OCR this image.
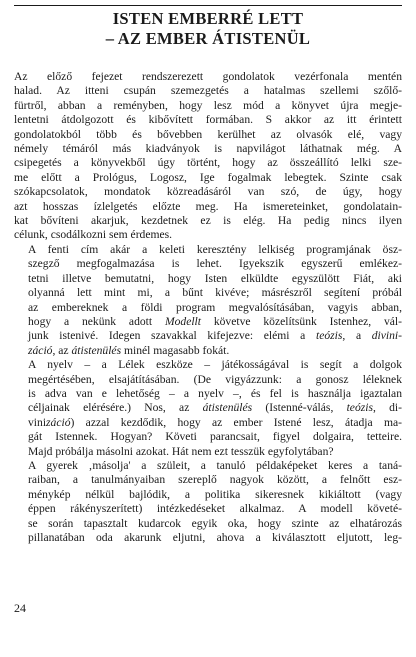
ISTEN EMBERRÉ LETT
– AZ EMBER ÁTISTENÜL

Az előző fejezet rendszerezett gondolatok vezérfonala mentén
halad. Az itteni csupán szemezgetés a hatalmas szellemi szőlő-
fürtről, abban a reményben, hogy lesz mód a könyvet újra megje-
lentetni átdolgozott és kibővített formában. S akkor az itt érintett
gondolatokból több és bővebben kerülhet az olvasók elé, vagy
némely témáról más kiadványok is napvilágot láthatnak még. A
csipegetés a könyvekből úgy történt, hogy az összeállító lelki sze-
me előtt a Prológus, Logosz, Ige fogalmak lebegtek. Szinte csak
szókapcsolatok, mondatok közreadásáról van szó, de úgy, hogy
azt hosszas ízlelgetés előzte meg. Ha ismereteinket, gondolatain-
kat bővíteni akarjuk, kezdetnek ez is elég. Ha pedig nincs ilyen
célunk, csodálkozni sem érdemes.

A fenti cím akár a keleti keresztény lelkiség programjának ösz-
szegző megfogalmazása is lehet. Igyekszik egyszerű emlékez-
tetni illetve bemutatni, hogy Isten elküldte egyszülött Fiát, aki
olyanná lett mint mi, a bűnt kivéve; másrészről segítení próbál
az embereknek a földi program megvalósításában, vagyis abban,
hogy a nekünk adott Modellt követve közelítsünk Istenhez, vál-
junk istenivé. Idegen szavakkal kifejezve: elémi a teózis, a divini-
záció, az átistenülés minél magasabb fokát.

A nyelv – a Lélek eszköze – játékosságával is segít a dolgok
megértésében, elsajátításában. (De vigyázzunk: a gonosz léleknek
is adva van e lehetőség – a nyelv –, és fel is használja igaztalan
céljainak elérésére.) Nos, az átistenülés (Istenné-válás, teózis, di-
vinizáció) azzal kezdődik, hogy az ember Istené lesz, átadja ma-
gát Istennek. Hogyan? Követi parancsait, figyel dolgaira, tetteire.
Majd próbálja másolni azokat. Hát nem ezt tesszük egyfolytában?

A gyerek ‚másolja' a szüleit, a tanuló példaképeket keres a taná-
raiban, a tanulmányaiban szereplő nagyok között, a felnőtt esz-
ménykép nélkül bajlódik, a politika sikeresnek kikiáltott (vagy
éppen rákényszerített) intézkedéseket alkalmaz. A modell követé-
se során tapasztalt kudarcok egyik oka, hogy szinte az elhatározás
pillanatában oda akarunk eljutni, ahova a kiválasztott eljutott, leg-

24
